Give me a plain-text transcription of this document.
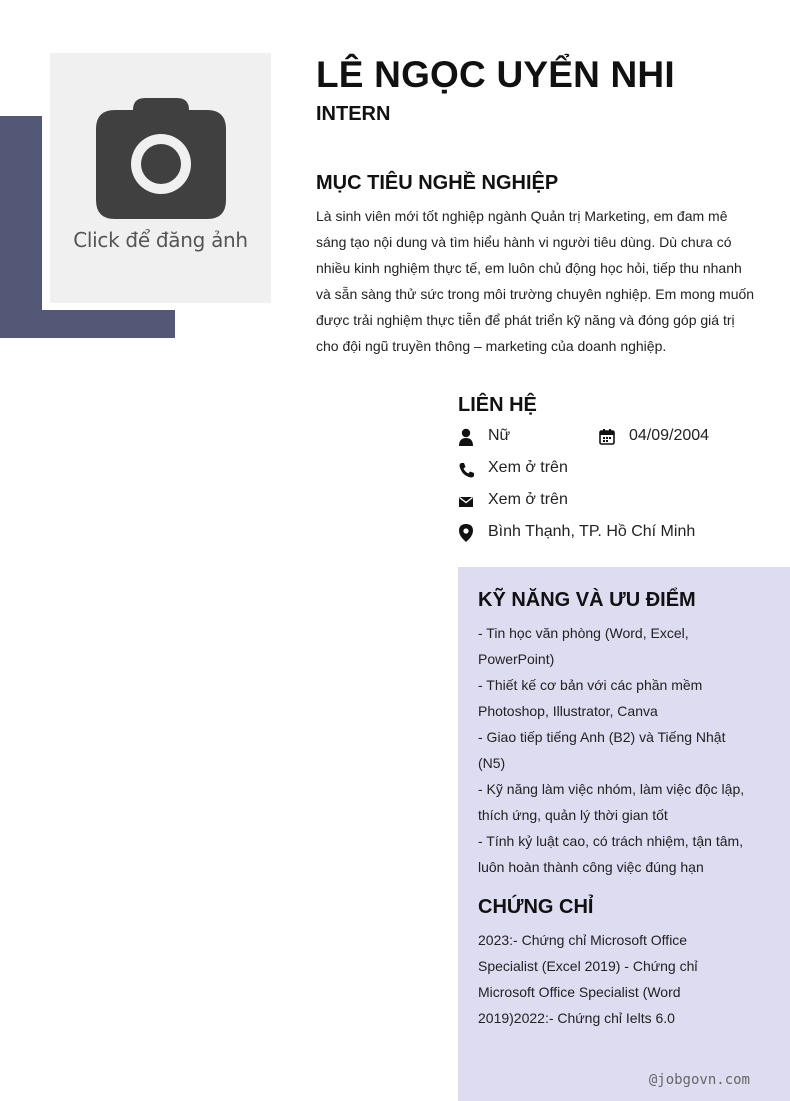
Click để đăng ảnh
LÊ NGỌC UYỂN NHI
INTERN
MỤC TIÊU NGHỀ NGHIỆP

Là sinh viên mới tốt nghiệp ngành Quản trị Marketing, em đam mê sáng tạo nội dung và tìm hiểu hành vi người tiêu dùng. Dù chưa có nhiều kinh nghiệm thực tế, em luôn chủ động học hỏi, tiếp thu nhanh và sẵn sàng thử sức trong môi trường chuyên nghiệp. Em mong muốn được trải nghiệm thực tiễn để phát triển kỹ năng và đóng góp giá trị cho đội ngũ truyền thông – marketing của doanh nghiệp.

LIÊN HỆ
Nữ	04/09/2004
Xem ở trên
Xem ở trên
Bình Thạnh, TP. Hồ Chí Minh
KỸ NĂNG VÀ ƯU ĐIỂM

- Tin học văn phòng (Word, Excel, PowerPoint)

- Thiết kế cơ bản với các phần mềm Photoshop, Illustrator, Canva

- Giao tiếp tiếng Anh (B2) và Tiếng Nhật (N5)

- Kỹ năng làm việc nhóm, làm việc độc lập, thích ứng, quản lý thời gian tốt

- Tính kỷ luật cao, có trách nhiệm, tận tâm, luôn hoàn thành công việc đúng hạn

CHỨNG CHỈ

2023:- Chứng chỉ Microsoft Office Specialist (Excel 2019) - Chứng chỉ Microsoft Office Specialist (Word 2019)2022:- Chứng chỉ Ielts 6.0

@jobgovn.com
